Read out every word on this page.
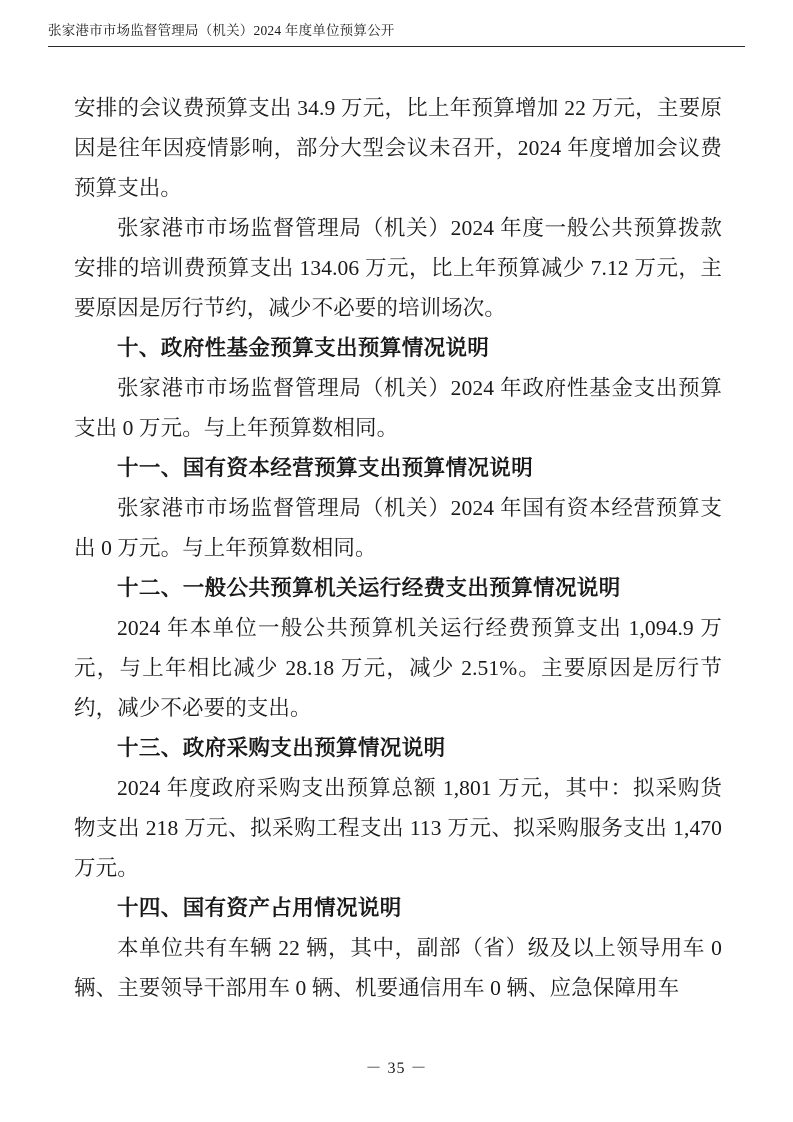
张家港市市场监督管理局（机关）2024 年度单位预算公开

安排的会议费预算支出 34.9 万元，比上年预算增加 22 万元，主要原因是往年因疫情影响，部分大型会议未召开，2024 年度增加会议费预算支出。

张家港市市场监督管理局（机关）2024 年度一般公共预算拨款安排的培训费预算支出 134.06 万元，比上年预算减少 7.12 万元，主要原因是厉行节约，减少不必要的培训场次。

十、政府性基金预算支出预算情况说明

张家港市市场监督管理局（机关）2024 年政府性基金支出预算支出 0 万元。与上年预算数相同。

十一、国有资本经营预算支出预算情况说明

张家港市市场监督管理局（机关）2024 年国有资本经营预算支出 0 万元。与上年预算数相同。

十二、一般公共预算机关运行经费支出预算情况说明

2024 年本单位一般公共预算机关运行经费预算支出 1,094.9 万元，与上年相比减少 28.18 万元，减少 2.51%。主要原因是厉行节约，减少不必要的支出。

十三、政府采购支出预算情况说明

2024 年度政府采购支出预算总额 1,801 万元，其中：拟采购货物支出 218 万元、拟采购工程支出 113 万元、拟采购服务支出 1,470 万元。

十四、国有资产占用情况说明

本单位共有车辆 22 辆，其中，副部（省）级及以上领导用车 0 辆、主要领导干部用车 0 辆、机要通信用车 0 辆、应急保障用车

－ 35 －
